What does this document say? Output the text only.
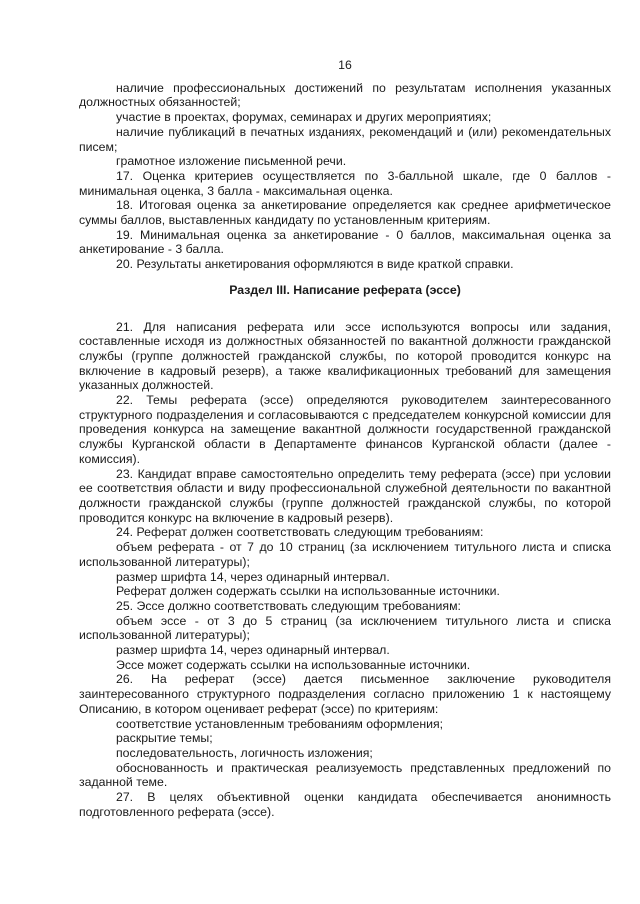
16

наличие профессиональных достижений по результатам исполнения указанных должностных обязанностей;

участие в проектах, форумах, семинарах и других мероприятиях;

наличие публикаций в печатных изданиях, рекомендаций и (или) рекомендательных писем;

грамотное изложение письменной речи.

17. Оценка критериев осуществляется по 3-балльной шкале, где 0 баллов - минимальная оценка, 3 балла - максимальная оценка.

18. Итоговая оценка за анкетирование определяется как среднее арифметическое суммы баллов, выставленных кандидату по установленным критериям.

19. Минимальная оценка за анкетирование - 0 баллов, максимальная оценка за анкетирование - 3 балла.

20. Результаты анкетирования оформляются в виде краткой справки.

Раздел III. Написание реферата (эссе)

21. Для написания реферата или эссе используются вопросы или задания, составленные исходя из должностных обязанностей по вакантной должности гражданской службы (группе должностей гражданской службы, по которой проводится конкурс на включение в кадровый резерв), а также квалификационных требований для замещения указанных должностей.

22. Темы реферата (эссе) определяются руководителем заинтересованного структурного подразделения и согласовываются с председателем конкурсной комиссии для проведения конкурса на замещение вакантной должности государственной гражданской службы Курганской области в Департаменте финансов Курганской области (далее - комиссия).

23. Кандидат вправе самостоятельно определить тему реферата (эссе) при условии ее соответствия области и виду профессиональной служебной деятельности по вакантной должности гражданской службы (группе должностей гражданской службы, по которой проводится конкурс на включение в кадровый резерв).

24. Реферат должен соответствовать следующим требованиям:

объем реферата - от 7 до 10 страниц (за исключением титульного листа и списка использованной литературы);

размер шрифта 14, через одинарный интервал.

Реферат должен содержать ссылки на использованные источники.

25. Эссе должно соответствовать следующим требованиям:

объем эссе - от 3 до 5 страниц (за исключением титульного листа и списка использованной литературы);

размер шрифта 14, через одинарный интервал.

Эссе может содержать ссылки на использованные источники.

26. На реферат (эссе) дается письменное заключение руководителя заинтересованного структурного подразделения согласно приложению 1 к настоящему Описанию, в котором оценивает реферат (эссе) по критериям:

соответствие установленным требованиям оформления;

раскрытие темы;

последовательность, логичность изложения;

обоснованность и практическая реализуемость представленных предложений по заданной теме.

27. В целях объективной оценки кандидата обеспечивается анонимность подготовленного реферата (эссе).
